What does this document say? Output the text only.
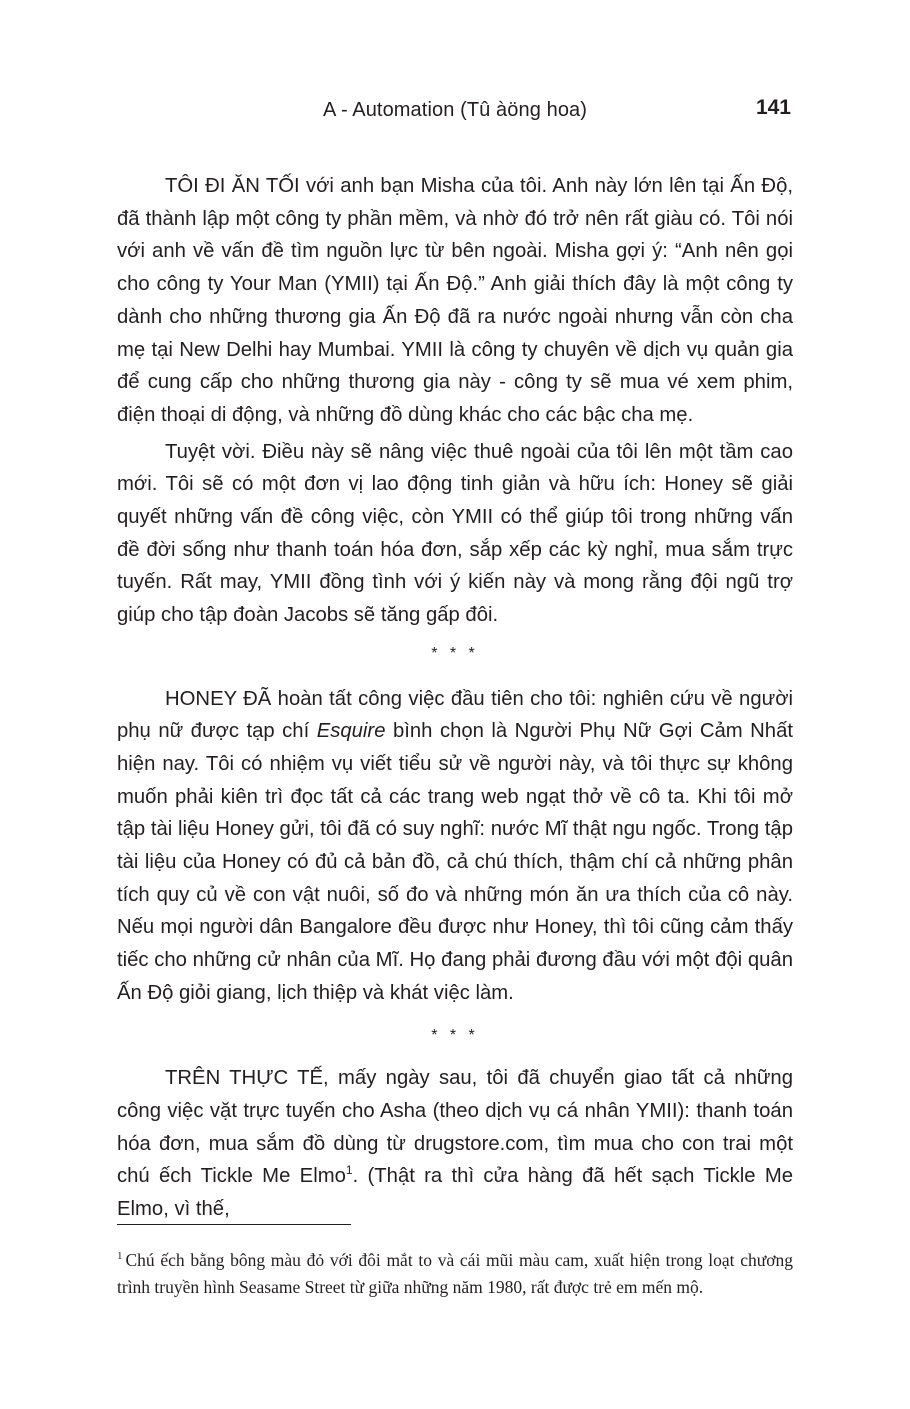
A - Automation (Tû àöng hoa)	141

TÔI ĐI ĂN TỐI với anh bạn Misha của tôi. Anh này lớn lên tại Ấn Độ, đã thành lập một công ty phần mềm, và nhờ đó trở nên rất giàu có. Tôi nói với anh về vấn đề tìm nguồn lực từ bên ngoài. Misha gợi ý: “Anh nên gọi cho công ty Your Man (YMII) tại Ấn Độ.” Anh giải thích đây là một công ty dành cho những thương gia Ấn Độ đã ra nước ngoài nhưng vẫn còn cha mẹ tại New Delhi hay Mumbai. YMII là công ty chuyên về dịch vụ quản gia để cung cấp cho những thương gia này - công ty sẽ mua vé xem phim, điện thoại di động, và những đồ dùng khác cho các bậc cha mẹ.

Tuyệt vời. Điều này sẽ nâng việc thuê ngoài của tôi lên một tầm cao mới. Tôi sẽ có một đơn vị lao động tinh giản và hữu ích: Honey sẽ giải quyết những vấn đề công việc, còn YMII có thể giúp tôi trong những vấn đề đời sống như thanh toán hóa đơn, sắp xếp các kỳ nghỉ, mua sắm trực tuyến. Rất may, YMII đồng tình với ý kiến này và mong rằng đội ngũ trợ giúp cho tập đoàn Jacobs sẽ tăng gấp đôi.

* * *

HONEY ĐÃ hoàn tất công việc đầu tiên cho tôi: nghiên cứu về người phụ nữ được tạp chí Esquire bình chọn là Người Phụ Nữ Gợi Cảm Nhất hiện nay. Tôi có nhiệm vụ viết tiểu sử về người này, và tôi thực sự không muốn phải kiên trì đọc tất cả các trang web ngạt thở về cô ta. Khi tôi mở tập tài liệu Honey gửi, tôi đã có suy nghĩ: nước Mĩ thật ngu ngốc. Trong tập tài liệu của Honey có đủ cả bản đồ, cả chú thích, thậm chí cả những phân tích quy củ về con vật nuôi, số đo và những món ăn ưa thích của cô này. Nếu mọi người dân Bangalore đều được như Honey, thì tôi cũng cảm thấy tiếc cho những cử nhân của Mĩ. Họ đang phải đương đầu với một đội quân Ấn Độ giỏi giang, lịch thiệp và khát việc làm.

* * *

TRÊN THỰC TẾ, mấy ngày sau, tôi đã chuyển giao tất cả những công việc vặt trực tuyến cho Asha (theo dịch vụ cá nhân YMII): thanh toán hóa đơn, mua sắm đồ dùng từ drugstore.com, tìm mua cho con trai một chú ếch Tickle Me Elmo$^1$. (Thật ra thì cửa hàng đã hết sạch Tickle Me Elmo, vì thế,

$^1$ Chú ếch bằng bông màu đỏ với đôi mắt to và cái mũi màu cam, xuất hiện trong loạt chương trình truyền hình Seasame Street từ giữa những năm 1980, rất được trẻ em mến mộ.
